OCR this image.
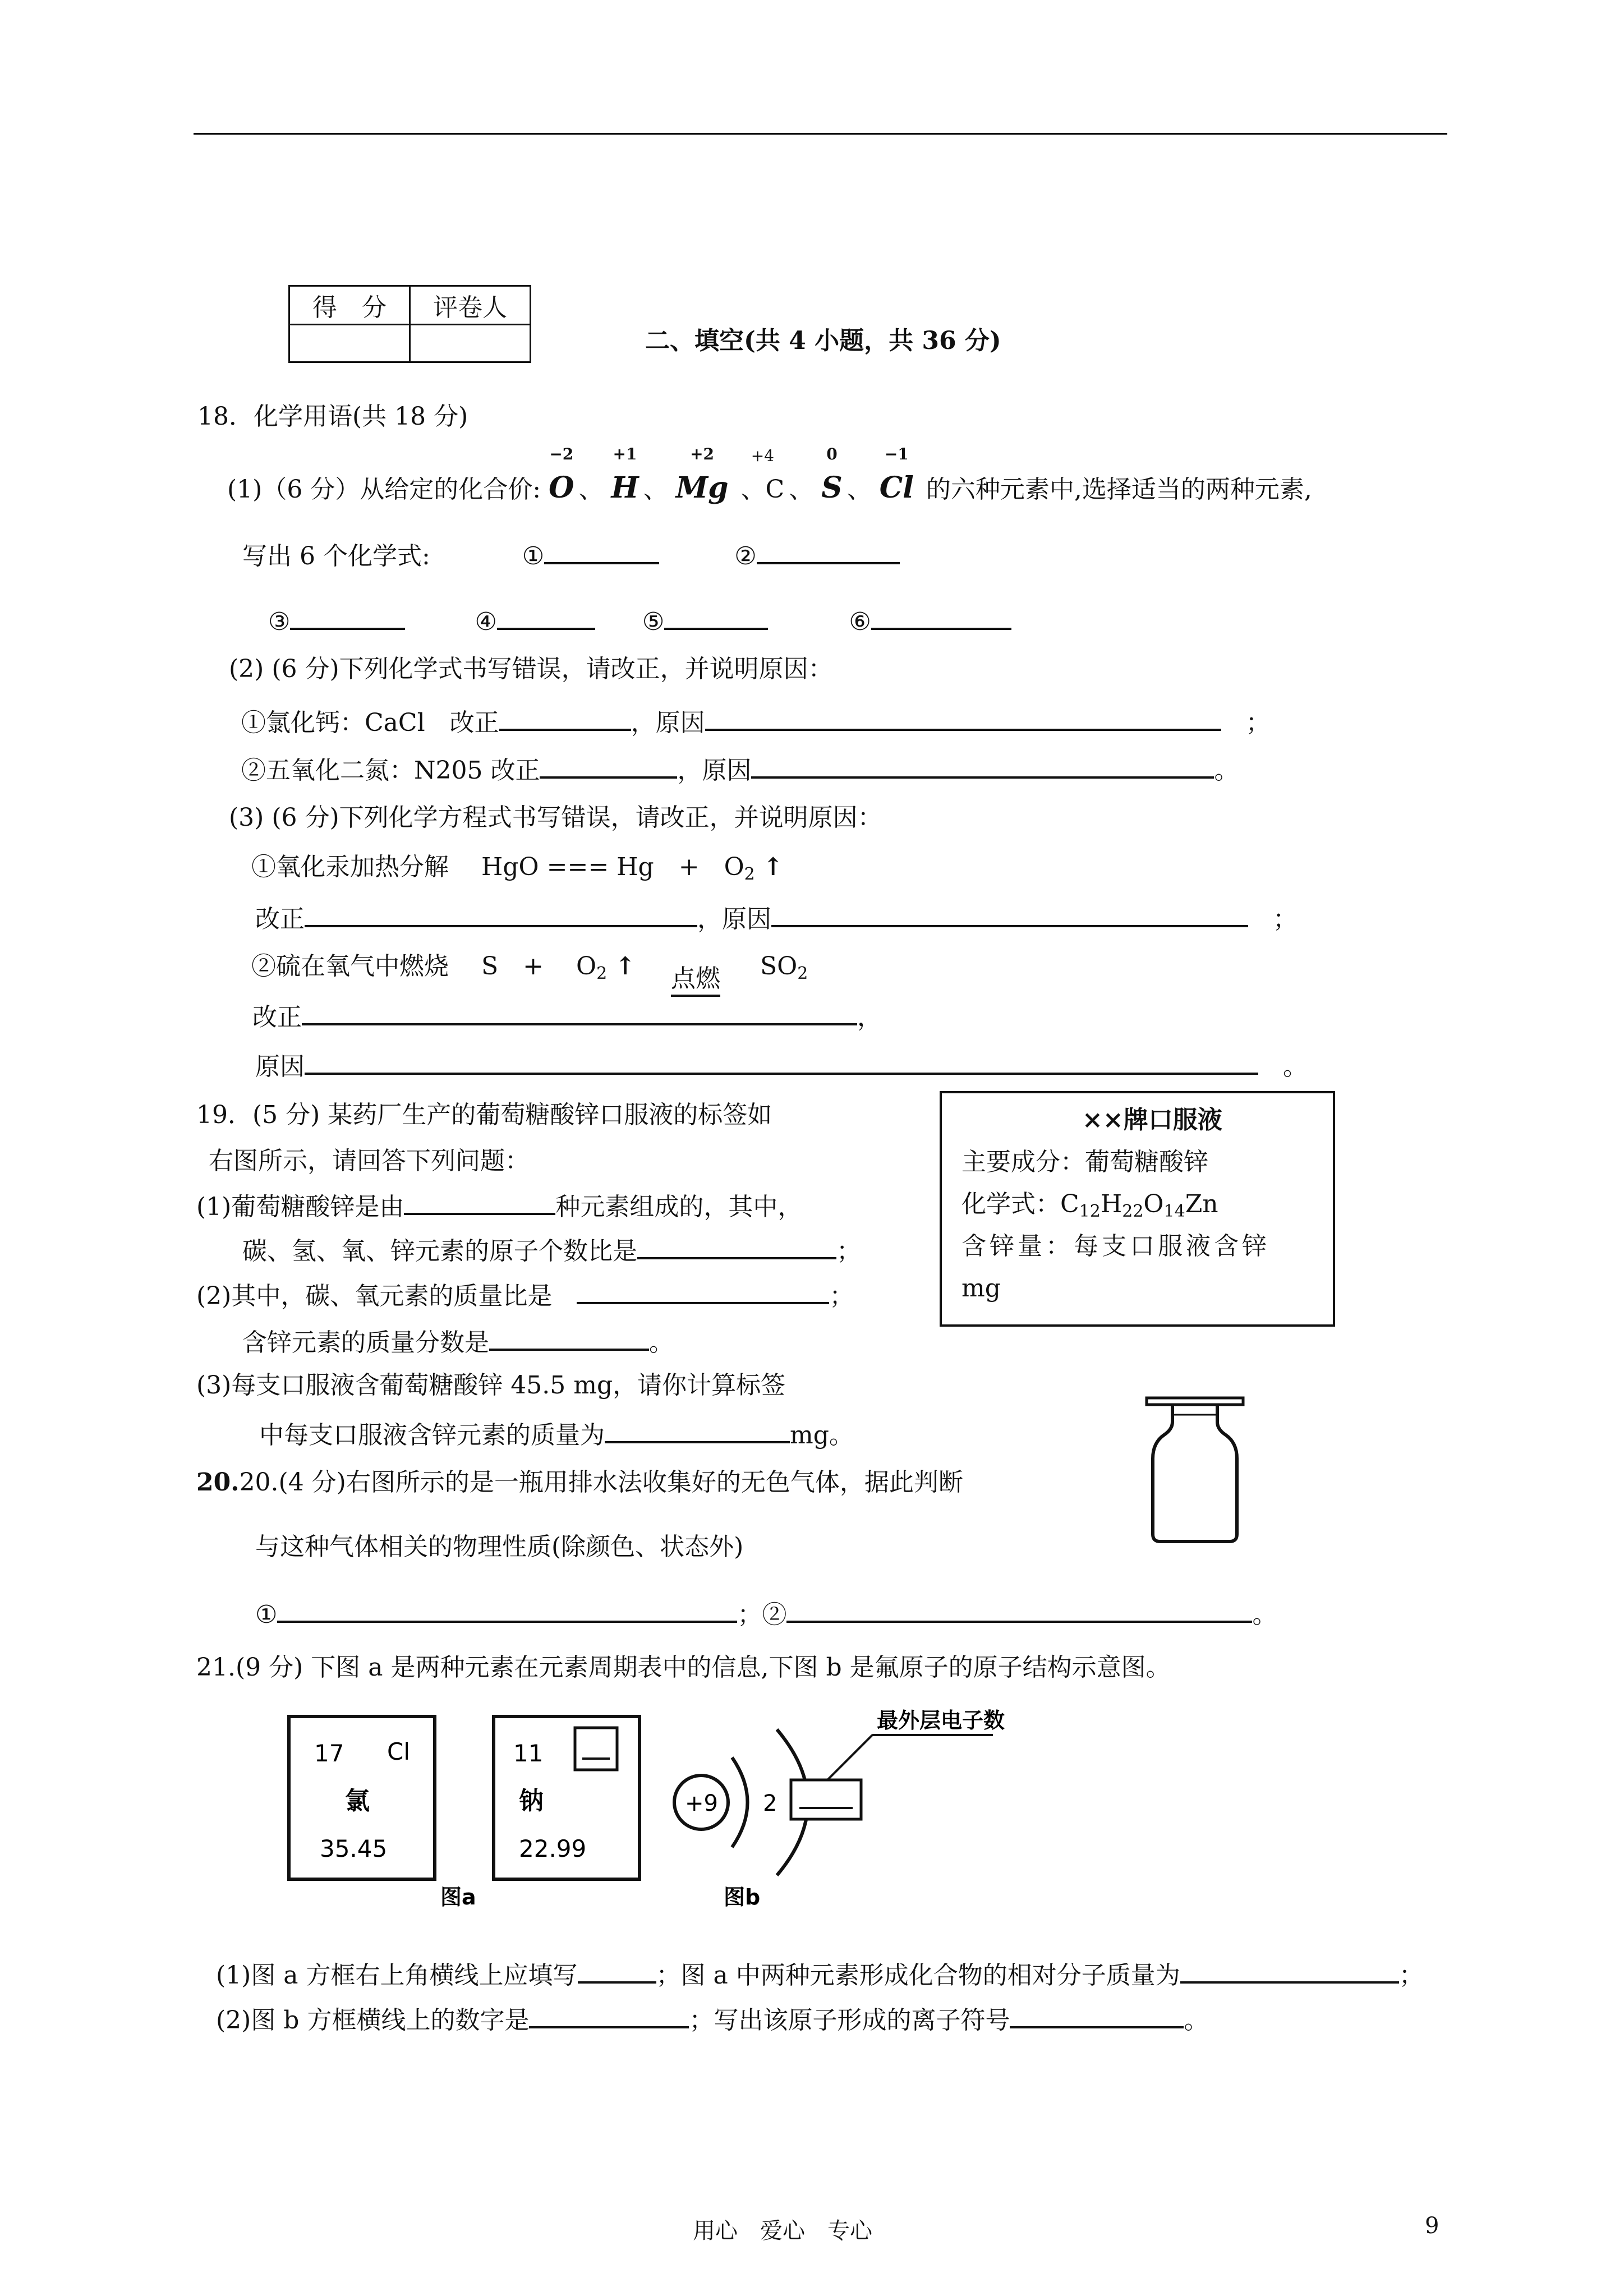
得　分	评卷人

二、填空(共 4 小题，共 36 分)
18．化学用语(共 18 分)
(1)（6 分）从给定的化合价:
−2
O 、
+1
H 、
+2
Mg
+4
、C 、
0
S 、
−1
Cl 的六种元素中,选择适当的两种元素,
写出 6 个化学式:	①	②
③	④	⑤	⑥
(2) (6 分)下列化学式书写错误，请改正，并说明原因：
①氯化钙：CaCl　改正	，原因　	；
②五氧化二氮：N205 改正	，原因	。
(3) (6 分)下列化学方程式书写错误，请改正，并说明原因：
①氧化汞加热分解　 HgO === Hg　+　$O_2$ ↑
改正	，原因　	；
②硫在氧气中燃烧　 S　+　 $O_2$ ↑ 点燃 $SO_2$
改正	，
原因　	。
19．(5 分) 某药厂生产的葡萄糖酸锌口服液的标签如
右图所示，请回答下列问题：
(1)葡萄糖酸锌是由	种元素组成的，其中，
碳、氢、氧、锌元素的原子个数比是	；
(2)其中，碳、氧元素的质量比是　	；
含锌元素的质量分数是	。
(3)每支口服液含葡萄糖酸锌 45.5 mg，请你计算标签
中每支口服液含锌元素的质量为	mg。
××牌口服液
主要成分：葡萄糖酸锌
化学式：$C_{12}H_{22}O_{14}Zn$
含锌量：每支口服液含锌
mg
20.20.(4 分)右图所示的是一瓶用排水法收集好的无色气体，据此判断
与这种气体相关的物理性质(除颜色、状态外)
①	；②	。
21.(9 分) 下图 a 是两种元素在元素周期表中的信息,下图 b 是氟原子的原子结构示意图。
17 Cl
氯
35.45
11
钠
22.99
图a
+9 2
最外层电子数
图b
(1)图 a 方框右上角横线上应填写	；图 a 中两种元素形成化合物的相对分子质量为	；
(2)图 b 方框横线上的数字是	；写出该原子形成的离子符号	。
用心　爱心　专心	9
